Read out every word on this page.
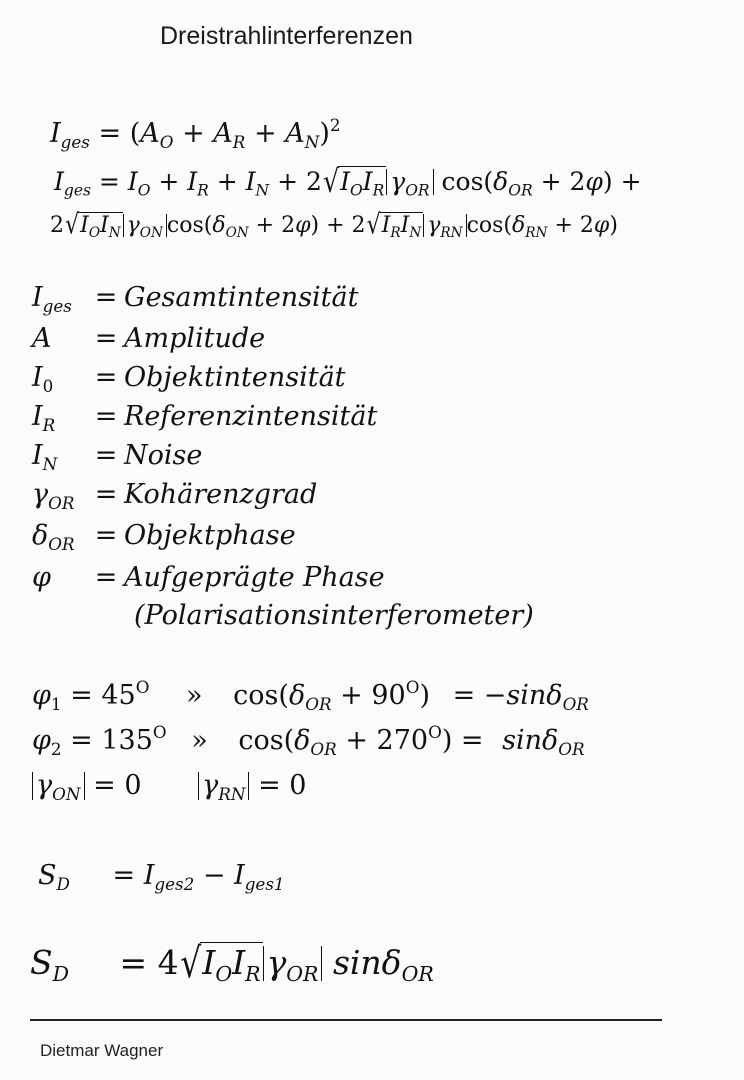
Dreistrahlinterferenzen
$I_{ges} = (A_O + A_R + A_N)^2$
$I_{ges} = I_O + I_R + I_N + 2√I_OI_R$ $\gamma_{OR}$ $\cos(\delta_{OR} + 2\varphi)$ +
$2√I_OI_N$ $\gamma_{ON}$ $\cos(\delta_{ON} + 2\varphi) + 2√I_RI_N$ $\gamma_{RN}$ $\cos(\delta_{RN} + 2\varphi)$
$I_{ges}$ = Gesamtintensität
A = Amplitude
$I_0$ = Objektintensität
$I_R$ = Referenzintensität
$I_N$ = Noise
$\gamma_{OR}$ = Kohärenzgrad
$\delta_{OR}$ = Objektphase
φ = Aufgeprägte Phase
(Polarisationsinterferometer)
$\varphi_1 = 45^O$ » $\cos(\delta_{OR} + 90^O) = -\sin\delta_{OR}$
$\varphi_2 = 135^O$ » $\cos(\delta_{OR} + 270^O) = \sin\delta_{OR}$
$\gamma_{ON} = 0$ $\gamma_{RN} = 0$
$S_D = I_{ges2} - I_{ges1}$
$S_D = 4√I_OI_R$ $\gamma_{OR}$ sinδ$_{OR}$
Dietmar Wagner
